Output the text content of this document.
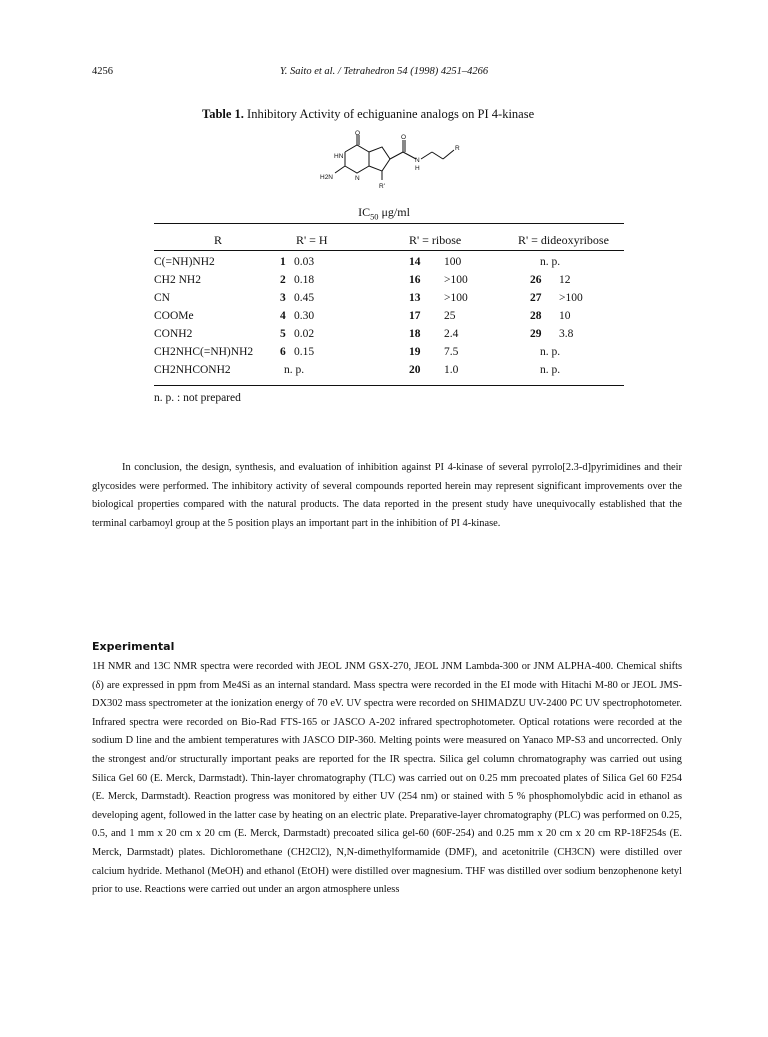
4256	Y. Saito et al. / Tetrahedron 54 (1998) 4251–4266
Table 1. Inhibitory Activity of echiguanine analogs on PI 4-kinase
O
O
HN
H2N	N
R'
N
H
R
$IC_{50}$ μg/ml
R	R' = H	R' = ribose	R' = dideoxyribose
C(=NH)NH2	1 0.03	14 100	n. p.
CH2 NH2	2 0.18	16 >100	26 12
CN	3 0.45	13 >100	27 >100
COOMe	4 0.30	17 25	28 10
CONH2	5 0.02	18 2.4	29 3.8
CH2NHC(=NH)NH2 6 0.15	19 7.5	n. p.
CH2NHCONH2	n. p.	20 1.0	n. p.
n. p. : not prepared

In conclusion, the design, synthesis, and evaluation of inhibition against PI 4-kinase of several pyrrolo[2.3-d]pyrimidines and their glycosides were performed. The inhibitory activity of several compounds reported herein may represent significant improvements over the biological properties compared with the natural products. The data reported in the present study have unequivocally established that the terminal carbamoyl group at the 5 position plays an important part in the inhibition of PI 4-kinase.

Experimental

1H NMR and 13C NMR spectra were recorded with JEOL JNM GSX-270, JEOL JNM Lambda-300 or JNM ALPHA-400. Chemical shifts (δ) are expressed in ppm from Me4Si as an internal standard. Mass spectra were recorded in the EI mode with Hitachi M-80 or JEOL JMS-DX302 mass spectrometer at the ionization energy of 70 eV. UV spectra were recorded on SHIMADZU UV-2400 PC UV spectrophotometer. Infrared spectra were recorded on Bio-Rad FTS-165 or JASCO A-202 infrared spectrophotometer. Optical rotations were recorded at the sodium D line and the ambient temperatures with JASCO DIP-360. Melting points were measured on Yanaco MP-S3 and uncorrected. Only the strongest and/or structurally important peaks are reported for the IR spectra. Silica gel column chromatography was carried out using Silica Gel 60 (E. Merck, Darmstadt). Thin-layer chromatography (TLC) was carried out on 0.25 mm precoated plates of Silica Gel 60 F254 (E. Merck, Darmstadt). Reaction progress was monitored by either UV (254 nm) or stained with 5 % phosphomolybdic acid in ethanol as developing agent, followed in the latter case by heating on an electric plate. Preparative-layer chromatography (PLC) was performed on 0.25, 0.5, and 1 mm x 20 cm x 20 cm (E. Merck, Darmstadt) precoated silica gel-60 (60F-254) and 0.25 mm x 20 cm x 20 cm RP-18F254s (E. Merck, Darmstadt) plates. Dichloromethane (CH2Cl2), N,N-dimethylformamide (DMF), and acetonitrile (CH3CN) were distilled over calcium hydride. Methanol (MeOH) and ethanol (EtOH) were distilled over magnesium. THF was distilled over sodium benzophenone ketyl prior to use. Reactions were carried out under an argon atmosphere unless
